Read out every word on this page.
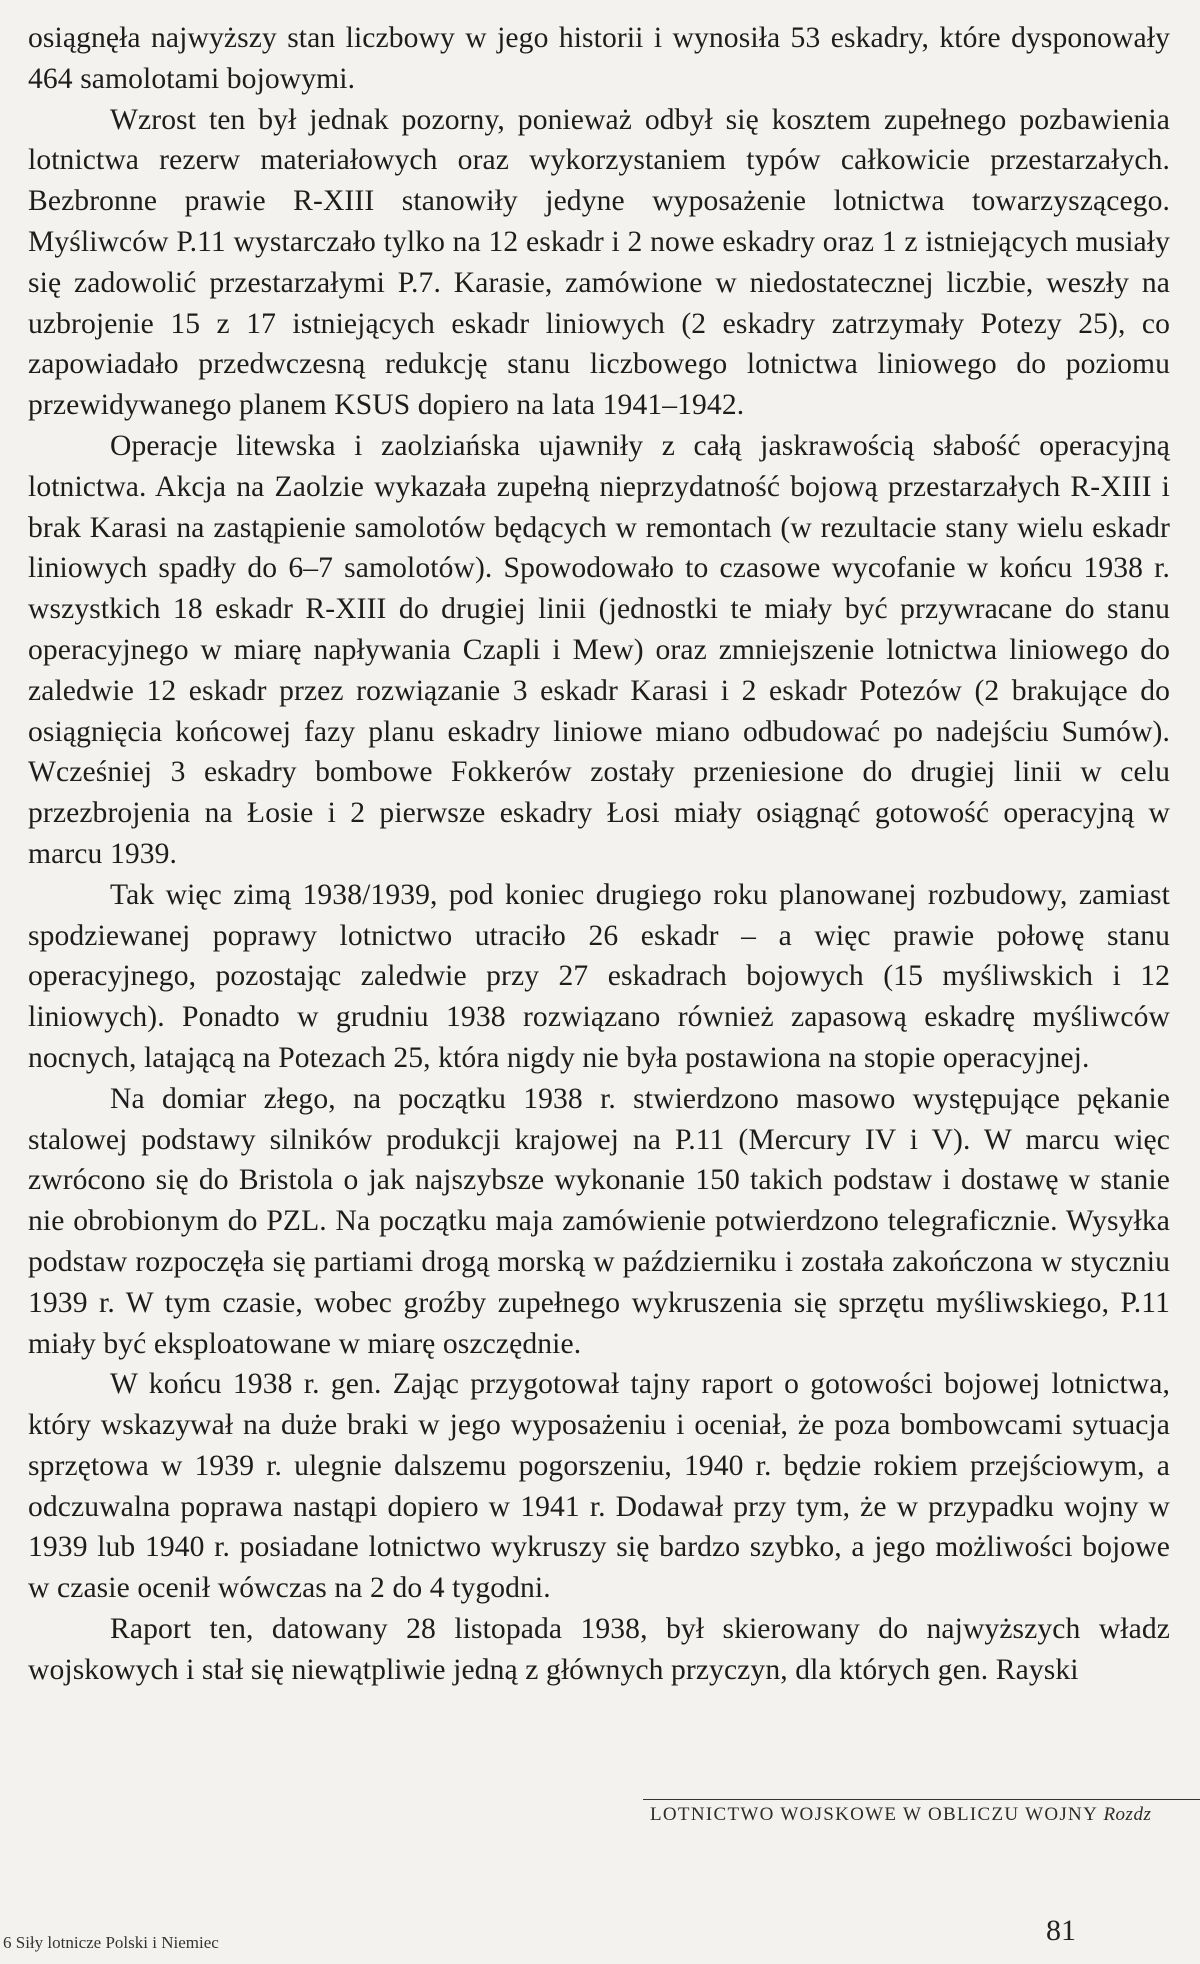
osiągnęła najwyższy stan liczbowy w jego historii i wynosiła 53 eskadry, które dysponowały 464 samolotami bojowymi.

Wzrost ten był jednak pozorny, ponieważ odbył się kosztem zupełnego pozbawienia lotnictwa rezerw materiałowych oraz wykorzystaniem typów całkowicie przestarzałych. Bezbronne prawie R-XIII stanowiły jedyne wyposażenie lotnictwa towarzyszącego. Myśliwców P.11 wystarczało tylko na 12 eskadr i 2 nowe eskadry oraz 1 z istniejących musiały się zadowolić przestarzałymi P.7. Karasie, zamówione w niedostatecznej liczbie, weszły na uzbrojenie 15 z 17 istniejących eskadr liniowych (2 eskadry zatrzymały Potezy 25), co zapowiadało przedwczesną redukcję stanu liczbowego lotnictwa liniowego do poziomu przewidywanego planem KSUS dopiero na lata 1941–1942.

Operacje litewska i zaolziańska ujawniły z całą jaskrawością słabość operacyjną lotnictwa. Akcja na Zaolzie wykazała zupełną nieprzydatność bojową przestarzałych R-XIII i brak Karasi na zastąpienie samolotów będących w remontach (w rezultacie stany wielu eskadr liniowych spadły do 6–7 samolotów). Spowodowało to czasowe wycofanie w końcu 1938 r. wszystkich 18 eskadr R-XIII do drugiej linii (jednostki te miały być przywracane do stanu operacyjnego w miarę napływania Czapli i Mew) oraz zmniejszenie lotnictwa liniowego do zaledwie 12 eskadr przez rozwiązanie 3 eskadr Karasi i 2 eskadr Potezów (2 brakujące do osiągnięcia końcowej fazy planu eskadry liniowe miano odbudować po nadejściu Sumów). Wcześniej 3 eskadry bombowe Fokkerów zostały przeniesione do drugiej linii w celu przezbrojenia na Łosie i 2 pierwsze eskadry Łosi miały osiągnąć gotowość operacyjną w marcu 1939.

Tak więc zimą 1938/1939, pod koniec drugiego roku planowanej rozbudowy, zamiast spodziewanej poprawy lotnictwo utraciło 26 eskadr – a więc prawie połowę stanu operacyjnego, pozostając zaledwie przy 27 eskadrach bojowych (15 myśliwskich i 12 liniowych). Ponadto w grudniu 1938 rozwiązano również zapasową eskadrę myśliwców nocnych, latającą na Potezach 25, która nigdy nie była postawiona na stopie operacyjnej.

Na domiar złego, na początku 1938 r. stwierdzono masowo występujące pękanie stalowej podstawy silników produkcji krajowej na P.11 (Mercury IV i V). W marcu więc zwrócono się do Bristola o jak najszybsze wykonanie 150 takich podstaw i dostawę w stanie nie obrobionym do PZL. Na początku maja zamówienie potwierdzono telegraficznie. Wysyłka podstaw rozpoczęła się partiami drogą morską w październiku i została zakończona w styczniu 1939 r. W tym czasie, wobec groźby zupełnego wykruszenia się sprzętu myśliwskiego, P.11 miały być eksploatowane w miarę oszczędnie.

W końcu 1938 r. gen. Zając przygotował tajny raport o gotowości bojowej lotnictwa, który wskazywał na duże braki w jego wyposażeniu i oceniał, że poza bombowcami sytuacja sprzętowa w 1939 r. ulegnie dalszemu pogorszeniu, 1940 r. będzie rokiem przejściowym, a odczuwalna poprawa nastąpi dopiero w 1941 r. Dodawał przy tym, że w przypadku wojny w 1939 lub 1940 r. posiadane lotnictwo wykruszy się bardzo szybko, a jego możliwości bojowe w czasie ocenił wówczas na 2 do 4 tygodni.

Raport ten, datowany 28 listopada 1938, był skierowany do najwyższych władz wojskowych i stał się niewątpliwie jedną z głównych przyczyn, dla których gen. Rayski

LOTNICTWO WOJSKOWE W OBLICZU WOJNY Rozdz
6 Siły lotnicze Polski i Niemiec	81
